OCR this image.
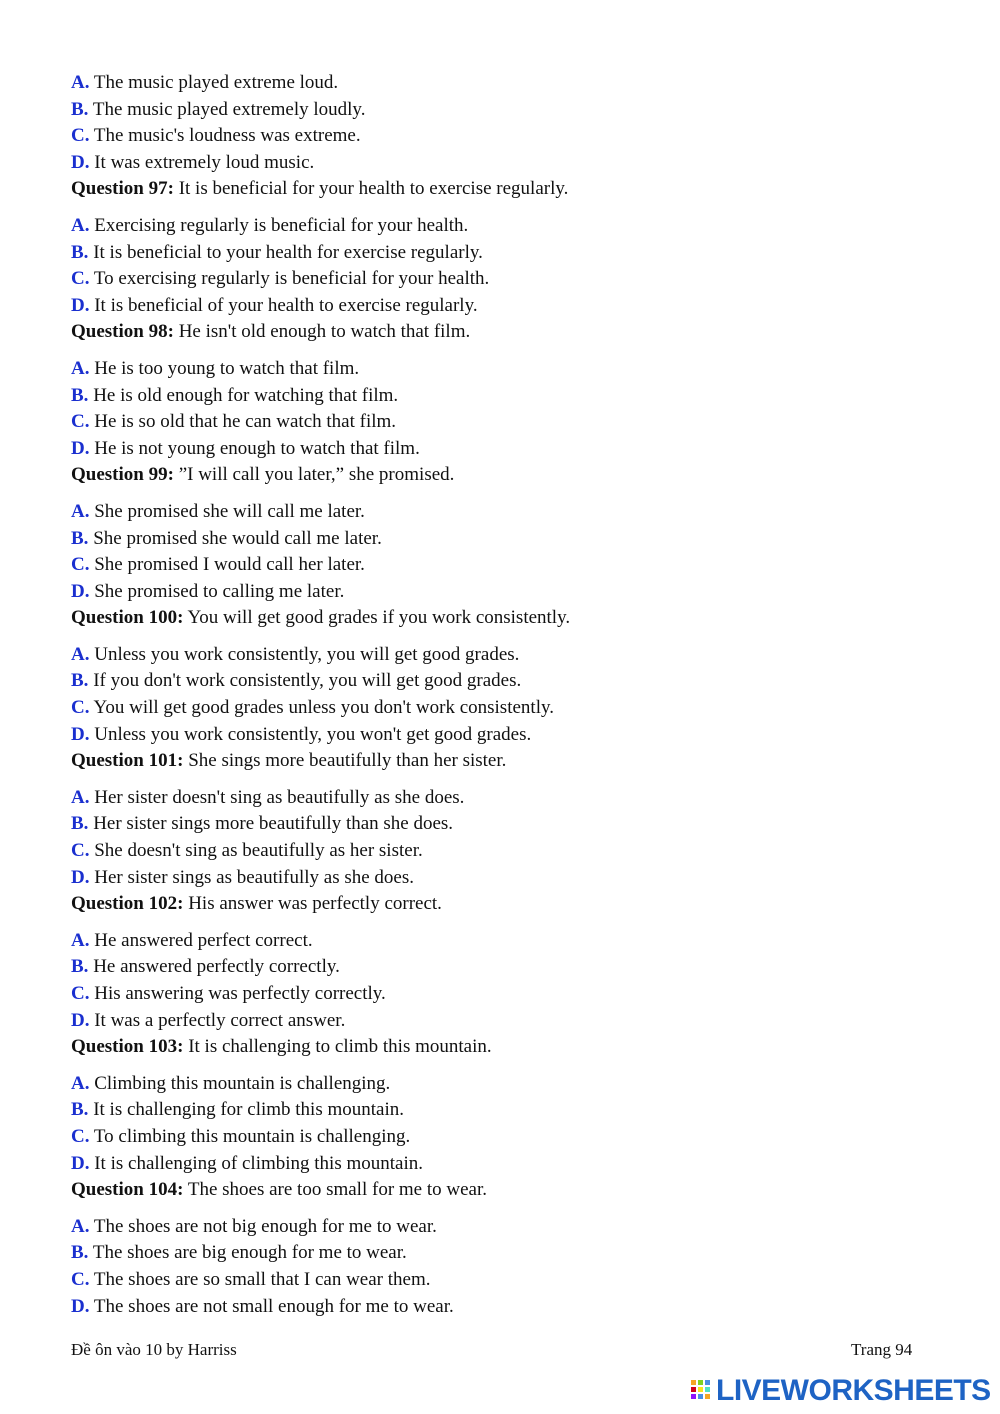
A. The music played extreme loud.
B. The music played extremely loudly.
C. The music's loudness was extreme.
D. It was extremely loud music.
Question 97: It is beneficial for your health to exercise regularly.
A. Exercising regularly is beneficial for your health.
B. It is beneficial to your health for exercise regularly.
C. To exercising regularly is beneficial for your health.
D. It is beneficial of your health to exercise regularly.
Question 98: He isn't old enough to watch that film.
A. He is too young to watch that film.
B. He is old enough for watching that film.
C. He is so old that he can watch that film.
D. He is not young enough to watch that film.
Question 99: ”I will call you later,” she promised.
A. She promised she will call me later.
B. She promised she would call me later.
C. She promised I would call her later.
D. She promised to calling me later.
Question 100: You will get good grades if you work consistently.
A. Unless you work consistently, you will get good grades.
B. If you don't work consistently, you will get good grades.
C. You will get good grades unless you don't work consistently.
D. Unless you work consistently, you won't get good grades.
Question 101: She sings more beautifully than her sister.
A. Her sister doesn't sing as beautifully as she does.
B. Her sister sings more beautifully than she does.
C. She doesn't sing as beautifully as her sister.
D. Her sister sings as beautifully as she does.
Question 102: His answer was perfectly correct.
A. He answered perfect correct.
B. He answered perfectly correctly.
C. His answering was perfectly correctly.
D. It was a perfectly correct answer.
Question 103: It is challenging to climb this mountain.
A. Climbing this mountain is challenging.
B. It is challenging for climb this mountain.
C. To climbing this mountain is challenging.
D. It is challenging of climbing this mountain.
Question 104: The shoes are too small for me to wear.
A. The shoes are not big enough for me to wear.
B. The shoes are big enough for me to wear.
C. The shoes are so small that I can wear them.
D. The shoes are not small enough for me to wear.
Đề ôn vào 10 by Harriss	Trang 94
LIVEWORKSHEETS
